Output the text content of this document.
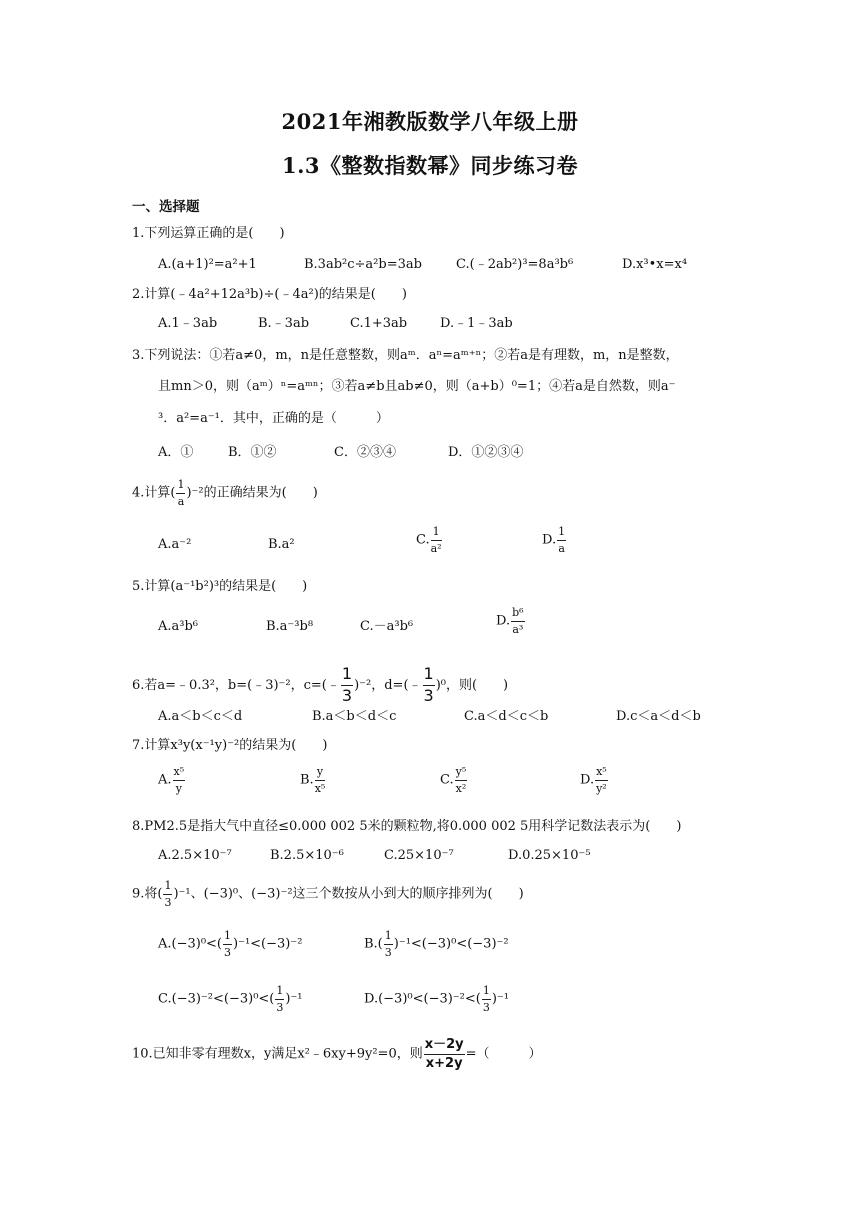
2021年湘教版数学八年级上册
1.3《整数指数幂》同步练习卷
一、选择题
1.下列运算正确的是(　　)
A.(a+1)²=a²+1	B.3ab²c÷a²b=3ab	C.(﹣2ab²)³=8a³b⁶	D.x³•x=x⁴
2.计算(﹣4a²+12a³b)÷(﹣4a²)的结果是(　　)
A.1﹣3ab	B.﹣3ab	C.1+3ab	D.﹣1﹣3ab
3.下列说法：①若a≠0，m，n是任意整数，则aᵐ．aⁿ=aᵐ⁺ⁿ；②若a是有理数，m，n是整数，
且mn＞0，则（aᵐ）ⁿ=aᵐⁿ；③若a≠b且ab≠0，则（a+b）⁰=1；④若a是自然数，则a⁻
³．a²=a⁻¹．其中，正确的是（　　　）
A．①	B．①②	C．②③④	D．①②③④
4.计算( $\frac{1}{a} )^{-2}$的正确结果为(　　)
A.a⁻²	B.a²	C. $\frac{1}{\text{a²}}$	D. $\frac{1}{a}$
5.计算(a⁻¹b²)³的结果是(　　)
A.a³b⁶	B.a⁻³b⁸	C.－a³b⁶	D. $\frac{\text{b⁶}}{\text{a³}}$
6.若a=﹣0.3²，b=(﹣3)⁻²，c=(﹣ $\frac{1}{3} )^{-2}$，d=(﹣ $\frac{1}{3} )^0$，则(　　)
A.a＜b＜c＜d	B.a＜b＜d＜c	C.a＜d＜c＜b	D.c＜a＜d＜b
7.计算x³y(x⁻¹y)⁻²的结果为(　　)
A. $\frac{\text{x⁵}}{y}$	B. $\frac{y}{\text{x⁵}}$	C. $\frac{\text{y⁵}}{\text{x²}}$	D. $\frac{\text{x⁵}}{\text{y²}}$
8.PM2.5是指大气中直径≤0.000 002 5米的颗粒物,将0.000 002 5用科学记数法表示为(　　)
A.2.5×10⁻⁷	B.2.5×10⁻⁶	C.25×10⁻⁷	D.0.25×10⁻⁵
9.将( $\frac{1}{3} )^{-1}$、(−3)⁰、(−3)⁻²这三个数按从小到大的顺序排列为(　　)
$A.(-3)^0<( \frac{1}{3} )^{-1}<(-3)^{-2}$	$B.( \frac{1}{3} )^{-1}<(-3)^0<(-3)^{-2}$
$C.(-3)^{-2}<(-3)^0<( \frac{1}{3} )^{-1}$	$D.(-3)^0<(-3)^{-2}<( \frac{1}{3} )^{-1}$
10.已知非零有理数x，y满足x²﹣6xy+9y²=0，则 $\frac{x-2y}{x+2y}$ =（　　　）
